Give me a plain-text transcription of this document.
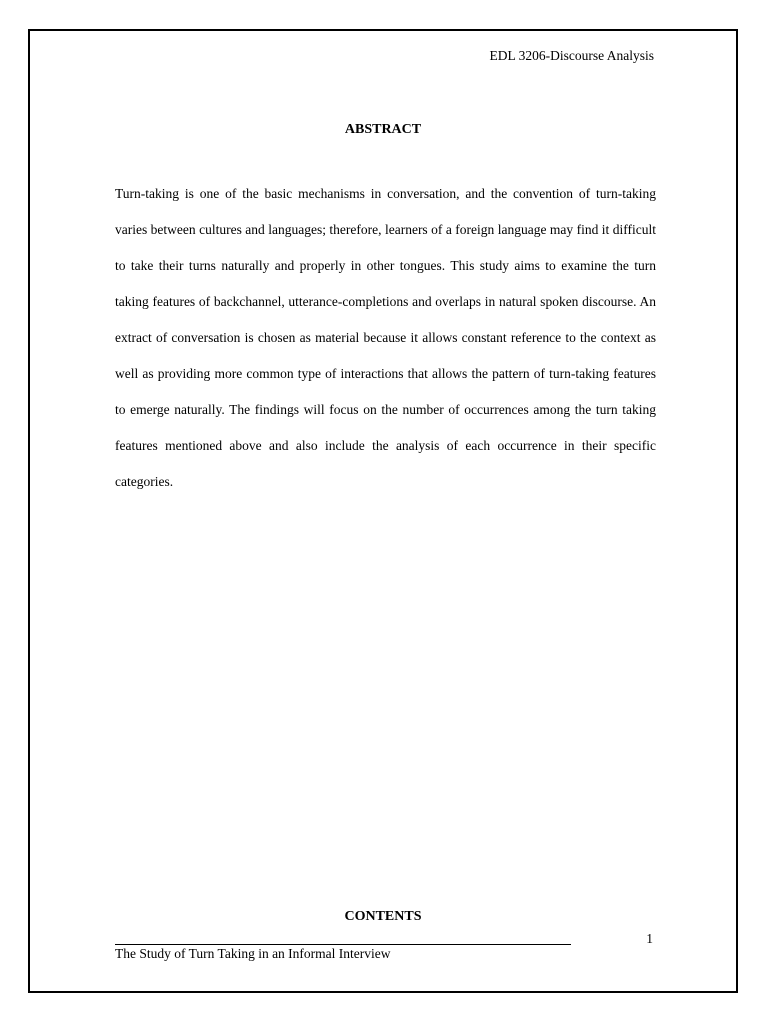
EDL 3206-Discourse Analysis
ABSTRACT

Turn-taking is one of the basic mechanisms in conversation, and the convention of turn-taking varies between cultures and languages; therefore, learners of a foreign language may find it difficult to take their turns naturally and properly in other tongues. This study aims to examine the turn taking features of backchannel, utterance-completions and overlaps in natural spoken discourse. An extract of conversation is chosen as material because it allows constant reference to the context as well as providing more common type of interactions that allows the pattern of turn-taking features to emerge naturally. The findings will focus on the number of occurrences among the turn taking features mentioned above and also include the analysis of each occurrence in their specific categories.

CONTENTS
1
The Study of Turn Taking in an Informal Interview
